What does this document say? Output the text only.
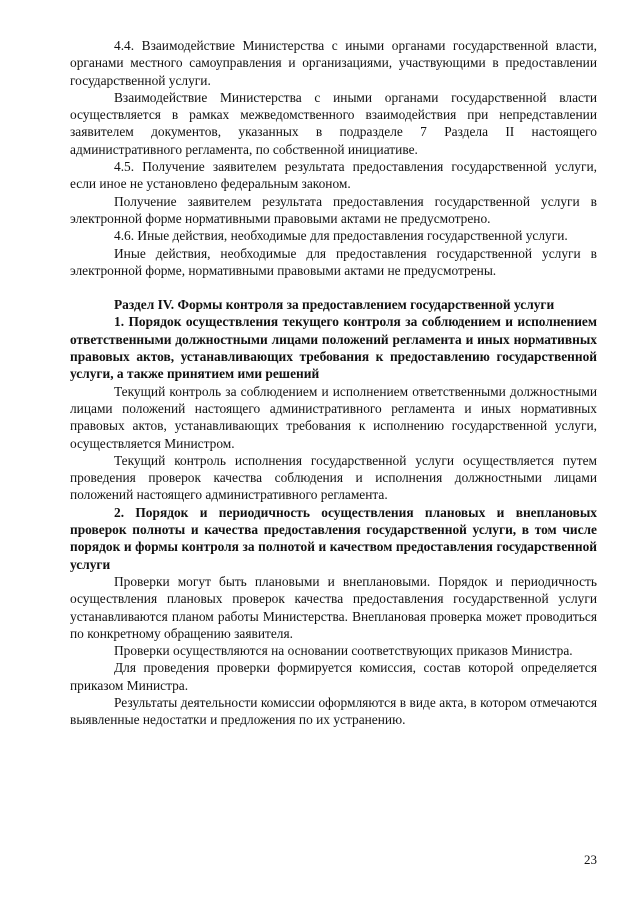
4.4. Взаимодействие Министерства с иными органами государственной власти, органами местного самоуправления и организациями, участвующими в предоставлении государственной услуги.

Взаимодействие Министерства с иными органами государственной власти осуществляется в рамках межведомственного взаимодействия при непредставлении заявителем документов, указанных в подразделе 7 Раздела II настоящего административного регламента, по собственной инициативе.

4.5. Получение заявителем результата предоставления государственной услуги, если иное не установлено федеральным законом.

Получение заявителем результата предоставления государственной услуги в электронной форме нормативными правовыми актами не предусмотрено.

4.6. Иные действия, необходимые для предоставления государственной услуги.

Иные действия, необходимые для предоставления государственной услуги в электронной форме, нормативными правовыми актами не предусмотрены.

Раздел IV. Формы контроля за предоставлением государственной услуги

1. Порядок осуществления текущего контроля за соблюдением и исполнением ответственными должностными лицами положений регламента и иных нормативных правовых актов, устанавливающих требования к предоставлению государственной услуги, а также принятием ими решений

Текущий контроль за соблюдением и исполнением ответственными должностными лицами положений настоящего административного регламента и иных нормативных правовых актов, устанавливающих требования к исполнению государственной услуги, осуществляется Министром.

Текущий контроль исполнения государственной услуги осуществляется путем проведения проверок качества соблюдения и исполнения должностными лицами положений настоящего административного регламента.

2. Порядок и периодичность осуществления плановых и внеплановых проверок полноты и качества предоставления государственной услуги, в том числе порядок и формы контроля за полнотой и качеством предоставления государственной услуги

Проверки могут быть плановыми и внеплановыми. Порядок и периодичность осуществления плановых проверок качества предоставления государственной услуги устанавливаются планом работы Министерства. Внеплановая проверка может проводиться по конкретному обращению заявителя.

Проверки осуществляются на основании соответствующих приказов Министра.

Для проведения проверки формируется комиссия, состав которой определяется приказом Министра.

Результаты деятельности комиссии оформляются в виде акта, в котором отмечаются выявленные недостатки и предложения по их устранению.

23
